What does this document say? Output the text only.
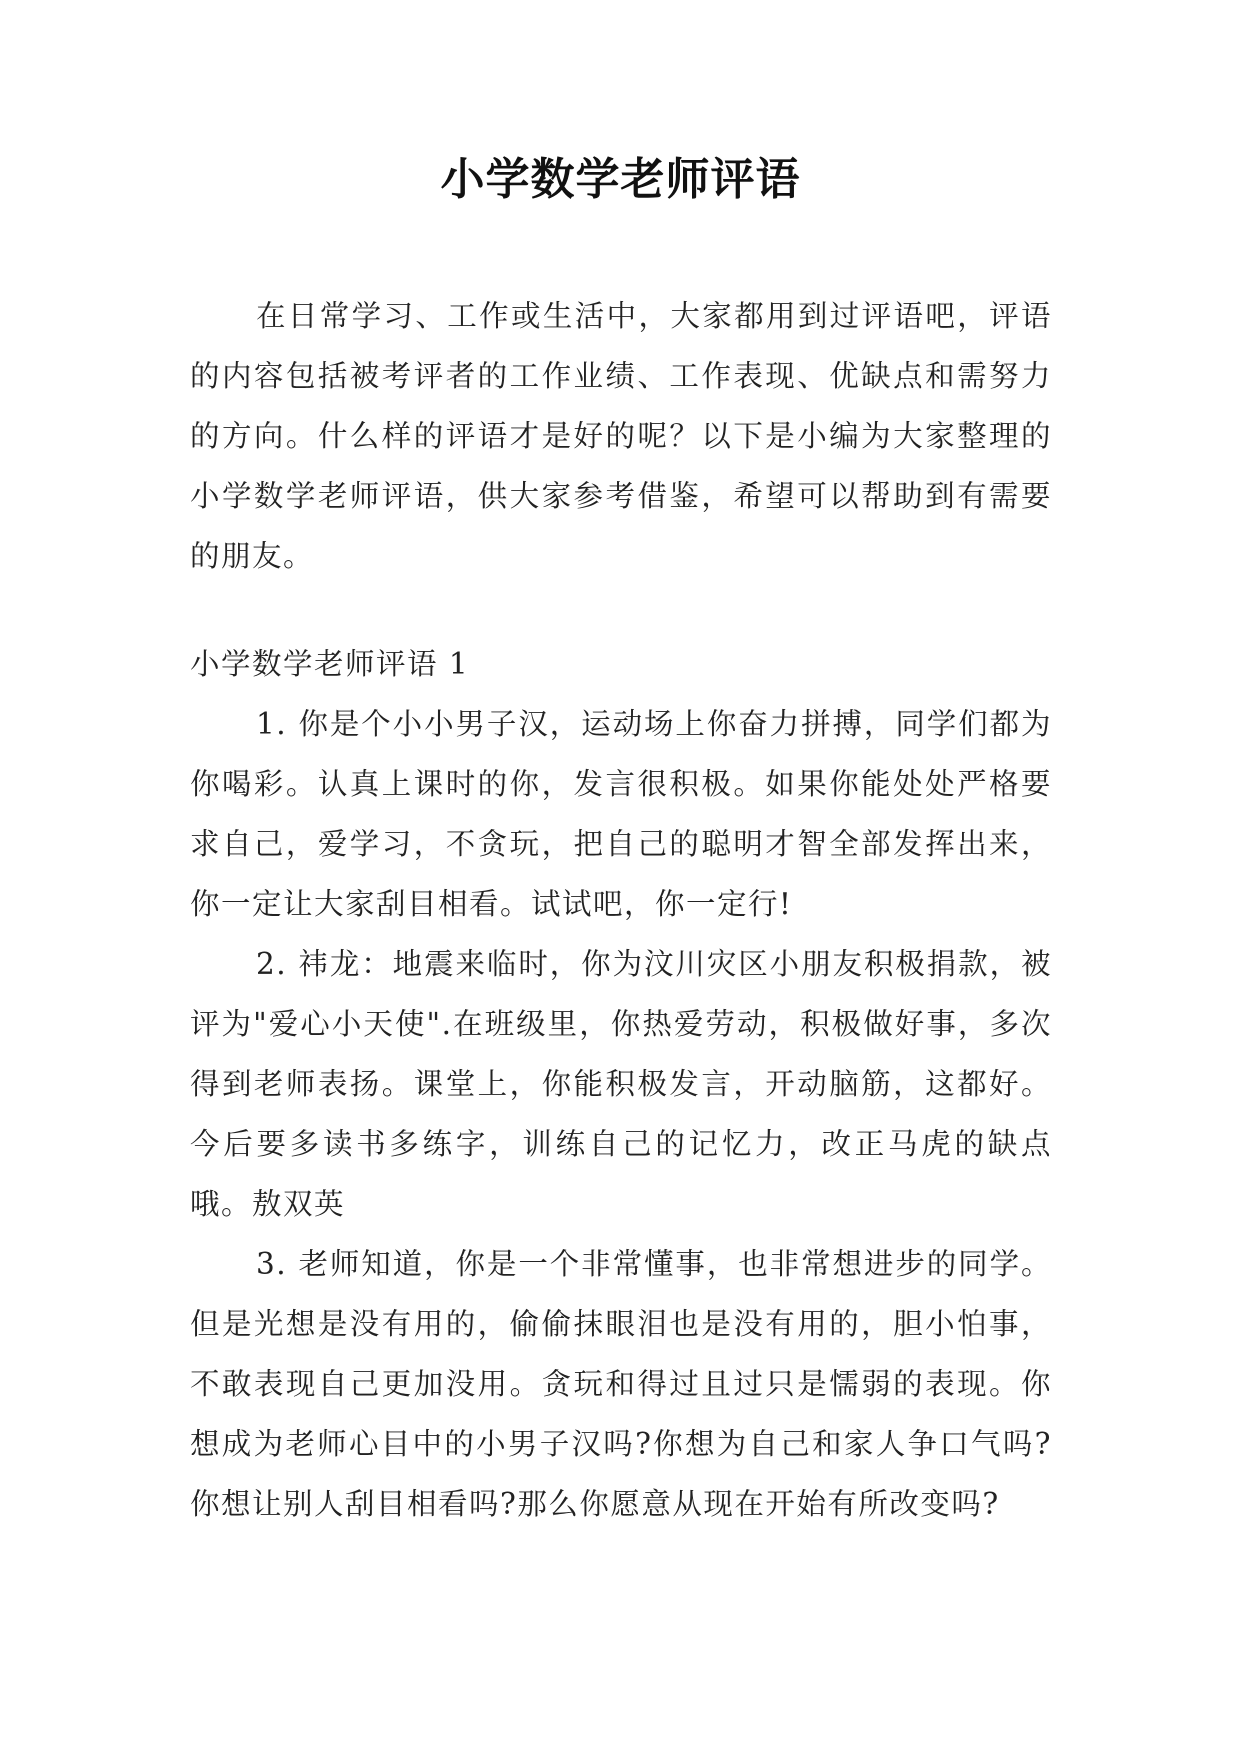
小学数学老师评语

在日常学习、工作或生活中，大家都用到过评语吧，评语的内容包括被考评者的工作业绩、工作表现、优缺点和需努力的方向。什么样的评语才是好的呢？以下是小编为大家整理的小学数学老师评语，供大家参考借鉴，希望可以帮助到有需要的朋友。

小学数学老师评语 1

1. 你是个小小男子汉，运动场上你奋力拼搏，同学们都为你喝彩。认真上课时的你，发言很积极。如果你能处处严格要求自己，爱学习，不贪玩，把自己的聪明才智全部发挥出来，你一定让大家刮目相看。试试吧，你一定行!

2. 祎龙：地震来临时，你为汶川灾区小朋友积极捐款，被评为"爱心小天使".在班级里，你热爱劳动，积极做好事，多次得到老师表扬。课堂上，你能积极发言，开动脑筋，这都好。今后要多读书多练字，训练自己的记忆力，改正马虎的缺点哦。敖双英

3. 老师知道，你是一个非常懂事，也非常想进步的同学。但是光想是没有用的，偷偷抹眼泪也是没有用的，胆小怕事，不敢表现自己更加没用。贪玩和得过且过只是懦弱的表现。你想成为老师心目中的小男子汉吗?你想为自己和家人争口气吗?你想让别人刮目相看吗?那么你愿意从现在开始有所改变吗?
